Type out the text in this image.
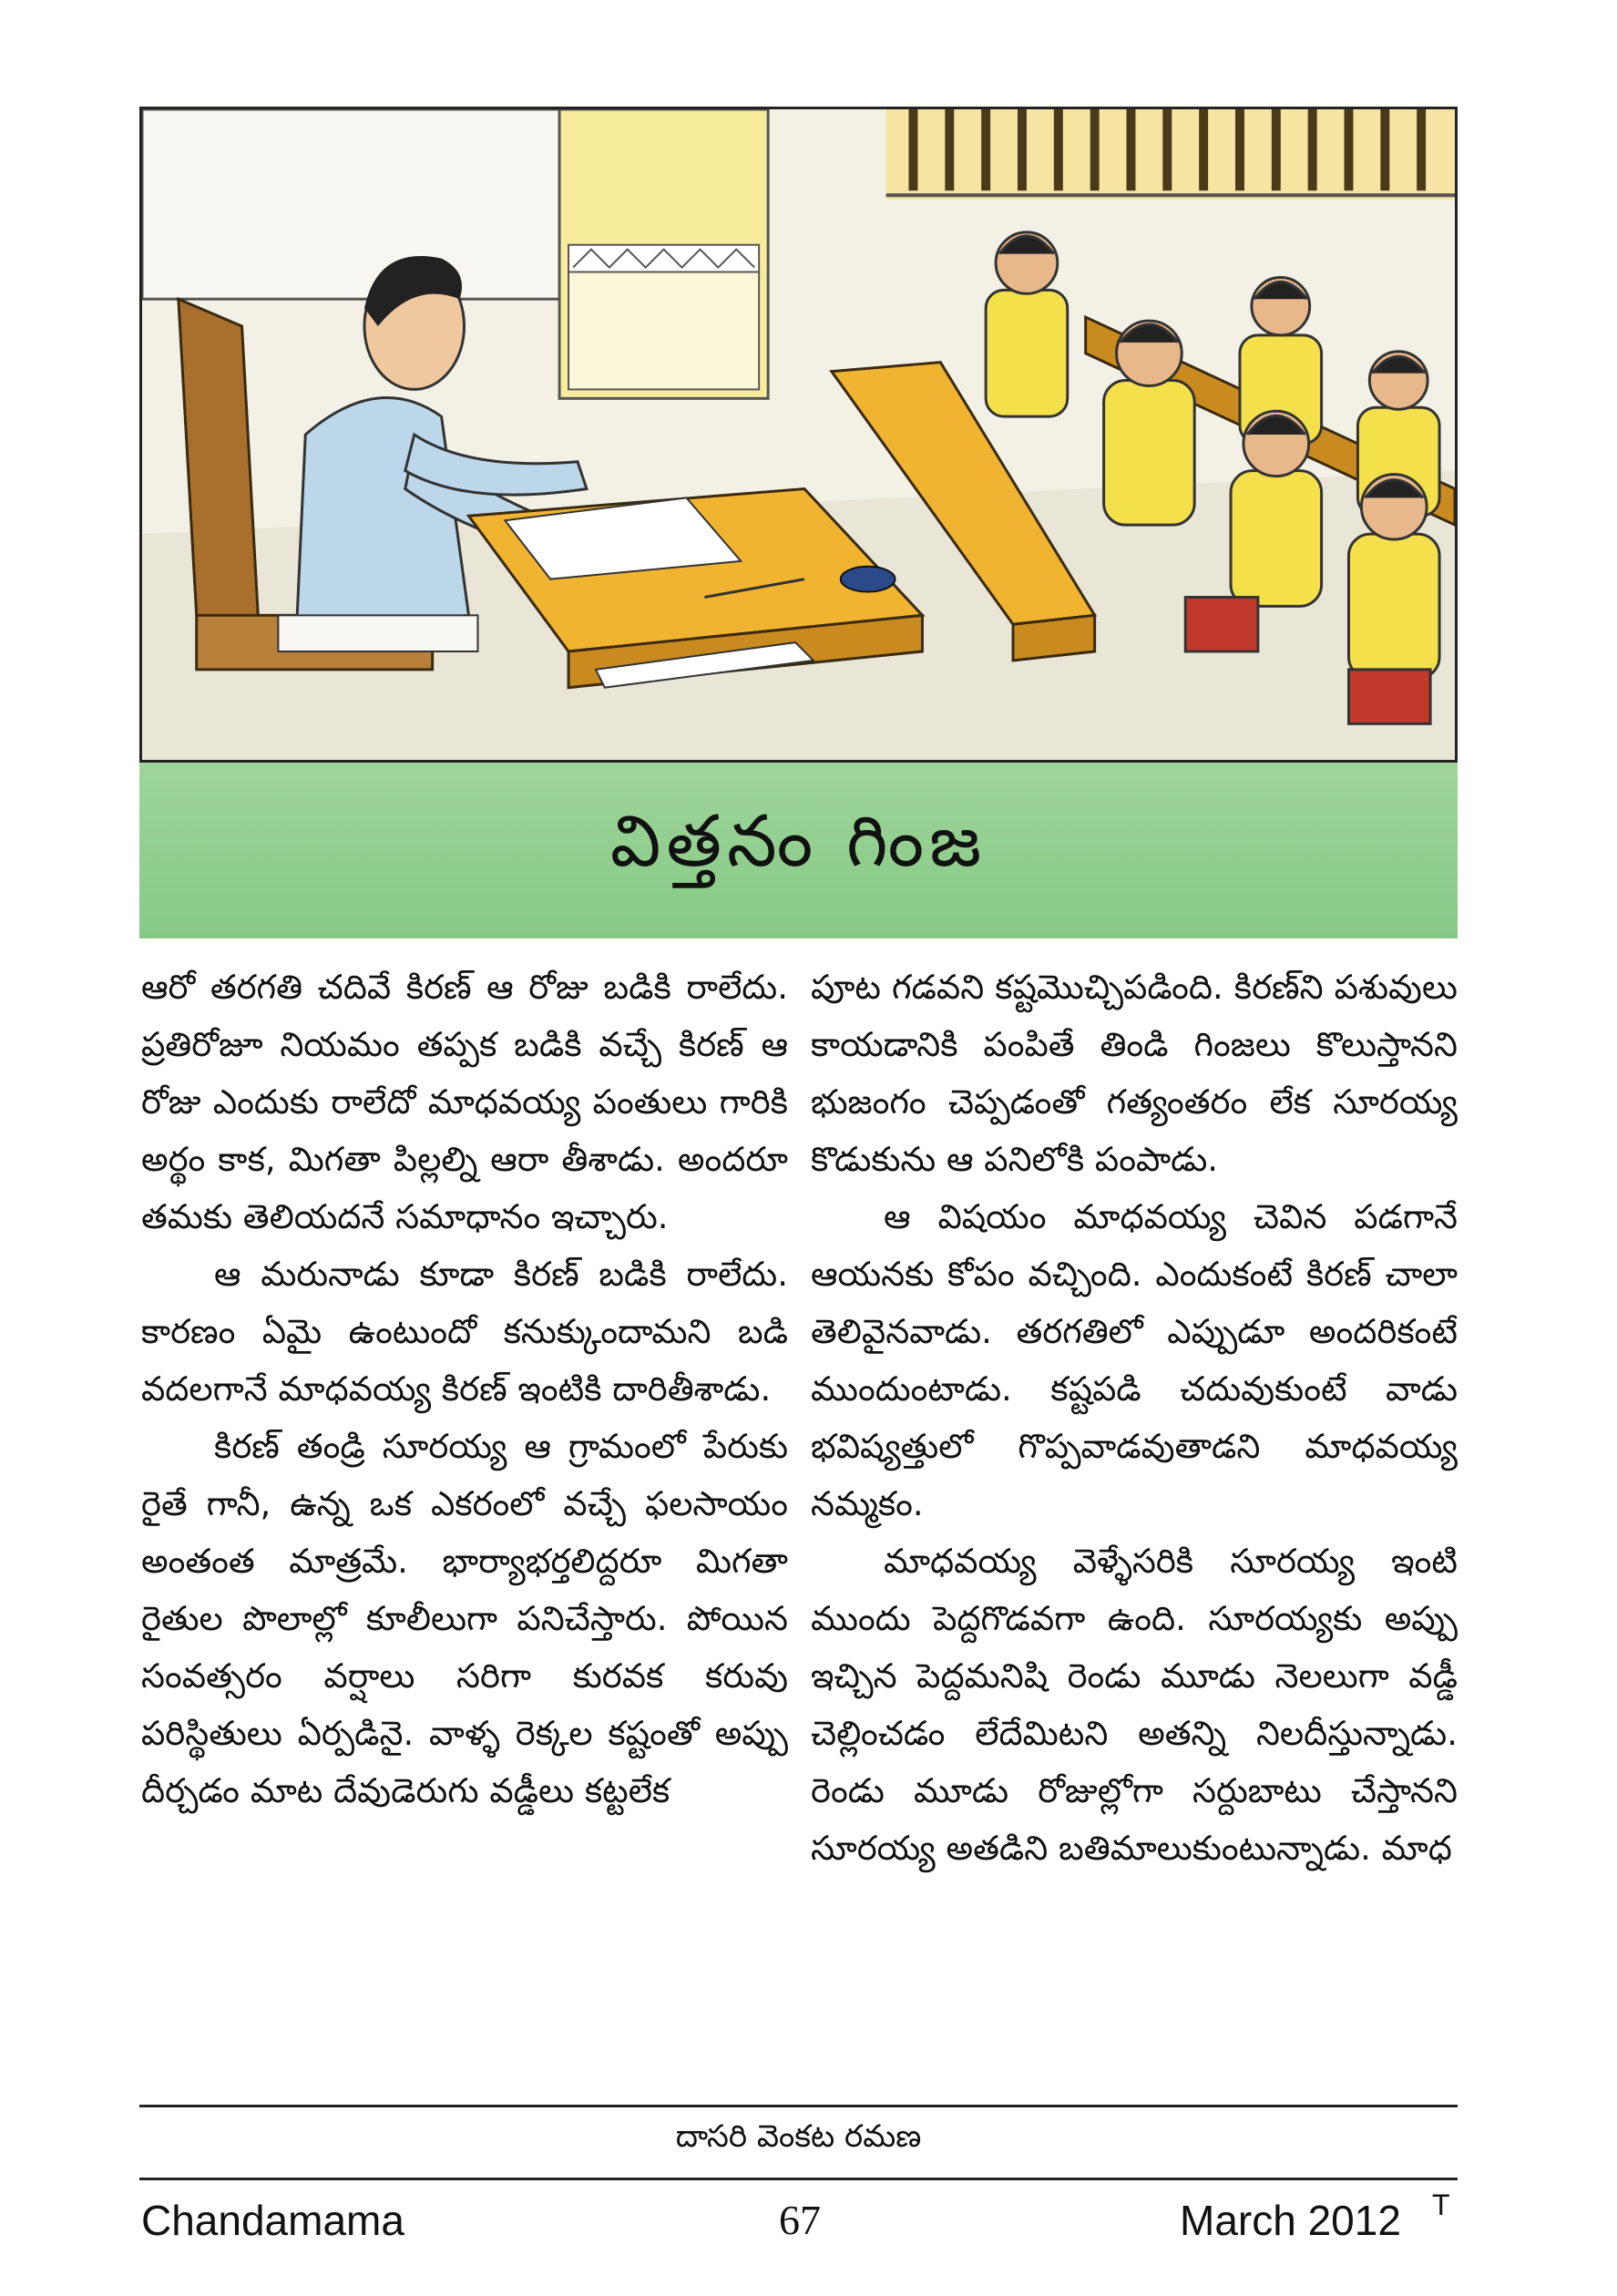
విత్తనం గింజ

ఆరో తరగతి చదివే కిరణ్ ఆ రోజు బడికి రాలేదు. ప్రతిరోజూ నియమం తప్పక బడికి వచ్చే కిరణ్ ఆ రోజు ఎందుకు రాలేదో మాధవయ్య పంతులు గారికి అర్థం కాక, మిగతా పిల్లల్ని ఆరా తీశాడు. అందరూ తమకు తెలియదనే సమాధానం ఇచ్చారు.

ఆ మరునాడు కూడా కిరణ్ బడికి రాలేదు. కారణం ఏమై ఉంటుందో కనుక్కుందామని బడి వదలగానే మాధవయ్య కిరణ్ ఇంటికి దారితీశాడు.

కిరణ్ తండ్రి సూరయ్య ఆ గ్రామంలో పేరుకు రైతే గానీ, ఉన్న ఒక ఎకరంలో వచ్చే ఫలసాయం అంతంత మాత్రమే. భార్యాభర్తలిద్దరూ మిగతా రైతుల పొలాల్లో కూలీలుగా పనిచేస్తారు. పోయిన సంవత్సరం వర్షాలు సరిగా కురవక కరువు పరిస్థితులు ఏర్పడినై. వాళ్ళ రెక్కల కష్టంతో అప్పు దీర్చడం మాట దేవుడెరుగు వడ్డీలు కట్టలేక

పూట గడవని కష్టమొచ్చిపడింది. కిరణ్‌ని పశువులు కాయడానికి పంపితే తిండి గింజలు కొలుస్తానని భుజంగం చెప్పడంతో గత్యంతరం లేక సూరయ్య కొడుకును ఆ పనిలోకి పంపాడు.

ఆ విషయం మాధవయ్య చెవిన పడగానే ఆయనకు కోపం వచ్చింది. ఎందుకంటే కిరణ్ చాలా తెలివైనవాడు. తరగతిలో ఎప్పుడూ అందరికంటే ముందుంటాడు. కష్టపడి చదువుకుంటే వాడు భవిష్యత్తులో గొప్పవాడవుతాడని మాధవయ్య నమ్మకం.

మాధవయ్య వెళ్ళేసరికి సూరయ్య ఇంటి ముందు పెద్దగొడవగా ఉంది. సూరయ్యకు అప్పు ఇచ్చిన పెద్దమనిషి రెండు మూడు నెలలుగా వడ్డీ చెల్లించడం లేదేమిటని అతన్ని నిలదీస్తున్నాడు. రెండు మూడు రోజుల్లోగా సర్దుబాటు చేస్తానని సూరయ్య అతడిని బతిమాలుకుంటున్నాడు. మాధ

దాసరి వెంకట రమణ
Chandamama	67	March 2012 T
